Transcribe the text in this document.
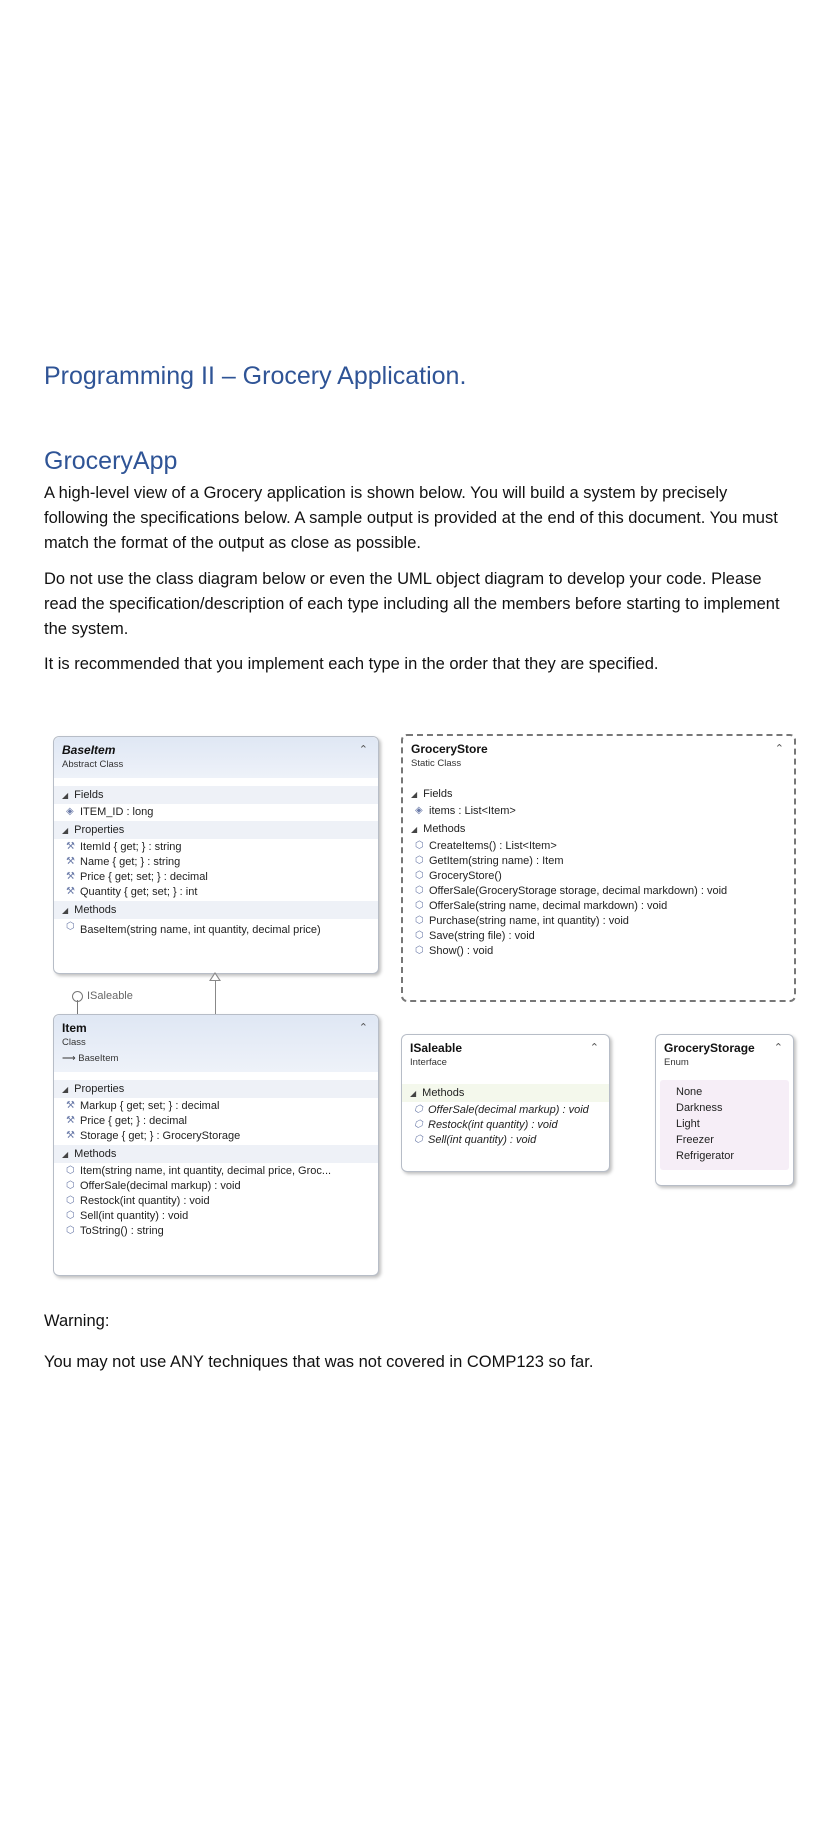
Programming II – Grocery Application.
GroceryApp
A high-level view of a Grocery application is shown below. You will build a system by precisely following the specifications below. A sample output is provided at the end of this document. You must match the format of the output as close as possible.
Do not use the class diagram below or even the UML object diagram to develop your code. Please read the specification/description of each type including all the members before starting to implement the system.
It is recommended that you implement each type in the order that they are specified.
BaseItem
Abstract Class
⌃
◢ Fields
◈ ITEM_ID : long
◢ Properties
⚒ ItemId { get; } : string
⚒ Name { get; } : string
⚒ Price { get; set; } : decimal
⚒ Quantity { get; set; } : int
◢ Methods
⬡ BaseItem(string name, int quantity, decimal price)
GroceryStore
Static Class
⌃
◢ Fields
◈ items : List<Item>
◢ Methods
⬡ CreateItems() : List<Item>
⬡ GetItem(string name) : Item
⬡ GroceryStore()
⬡ OfferSale(GroceryStorage storage, decimal markdown) : void
⬡ OfferSale(string name, decimal markdown) : void
⬡ Purchase(string name, int quantity) : void
⬡ Save(string file) : void
⬡ Show() : void
ISaleable
Item
Class
⟶ BaseItem
⌃
◢ Properties
⚒ Markup { get; set; } : decimal
⚒ Price { get; } : decimal
⚒ Storage { get; } : GroceryStorage
◢ Methods
⬡ Item(string name, int quantity, decimal price, Groc...
⬡ OfferSale(decimal markup) : void
⬡ Restock(int quantity) : void
⬡ Sell(int quantity) : void
⬡ ToString() : string
ISaleable
Interface
⌃
◢ Methods
⬡ OfferSale(decimal markup) : void
⬡ Restock(int quantity) : void
⬡ Sell(int quantity) : void
GroceryStorage
Enum
⌃
None
Darkness
Light
Freezer
Refrigerator
Warning:
You may not use ANY techniques that was not covered in COMP123 so far.
